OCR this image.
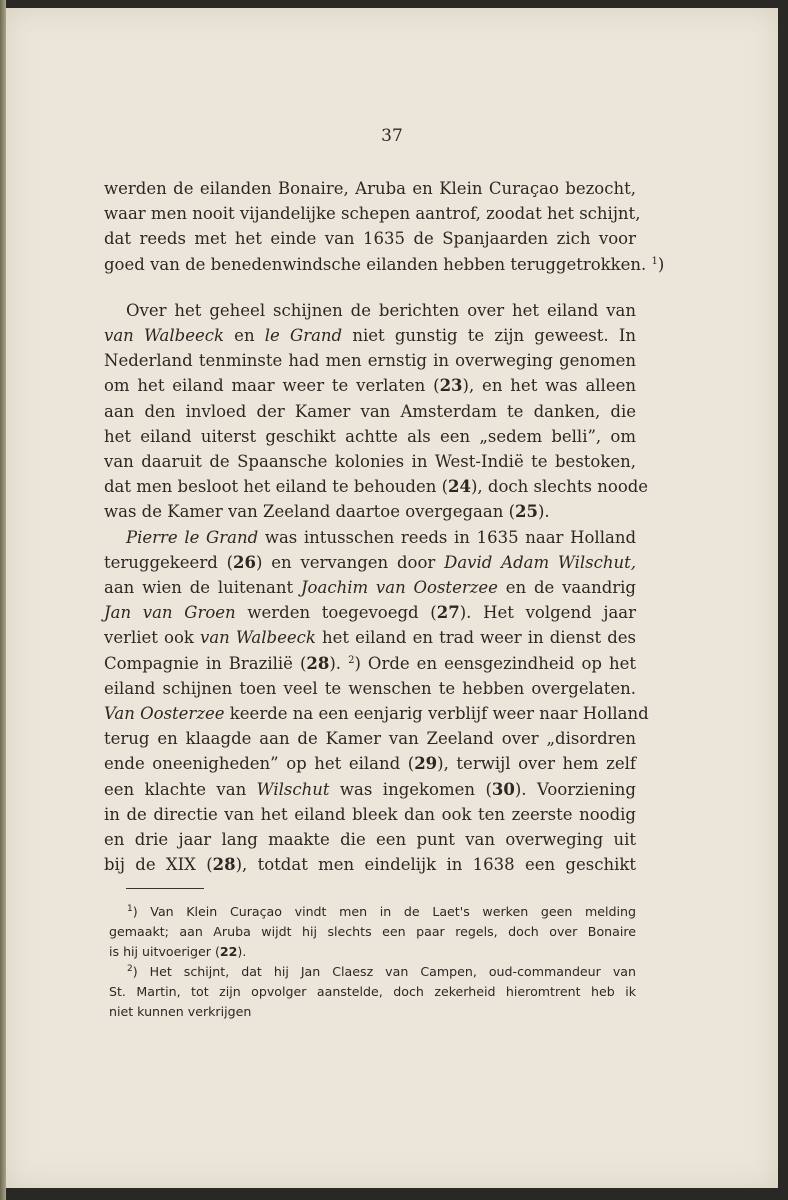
37
werden de eilanden Bonaire, Aruba en Klein Curaçao bezocht,
waar men nooit vijandelijke schepen aantrof, zoodat het schijnt,
dat reeds met het einde van 1635 de Spanjaarden zich voor
goed van de benedenwindsche eilanden hebben teruggetrokken. $^1$)
Over het geheel schijnen de berichten over het eiland van
van Walbeeck en le Grand niet gunstig te zijn geweest. In
Nederland tenminste had men ernstig in overweging genomen
om het eiland maar weer te verlaten (23), en het was alleen
aan den invloed der Kamer van Amsterdam te danken, die
het eiland uiterst geschikt achtte als een „sedem belli”, om
van daaruit de Spaansche kolonies in West-Indië te bestoken,
dat men besloot het eiland te behouden (24), doch slechts noode
was de Kamer van Zeeland daartoe overgegaan (25).
Pierre le Grand was intusschen reeds in 1635 naar Holland
teruggekeerd (26) en vervangen door David Adam Wilschut,
aan wien de luitenant Joachim van Oosterzee en de vaandrig
Jan van Groen werden toegevoegd (27). Het volgend jaar
verliet ook van Walbeeck het eiland en trad weer in dienst des
Compagnie in Brazilië (28). $^2$) Orde en eensgezindheid op het
eiland schijnen toen veel te wenschen te hebben overgelaten.
Van Oosterzee keerde na een eenjarig verblijf weer naar Holland
terug en klaagde aan de Kamer van Zeeland over „disordren
ende oneenigheden” op het eiland (29), terwijl over hem zelf
een klachte van Wilschut was ingekomen (30). Voorziening
in de directie van het eiland bleek dan ook ten zeerste noodig
en drie jaar lang maakte die een punt van overweging uit
bij de XIX (28), totdat men eindelijk in 1638 een geschikt
$^1$) Van Klein Curaçao vindt men in de Laet's werken geen melding
gemaakt; aan Aruba wijdt hij slechts een paar regels, doch over Bonaire
is hij uitvoeriger (22).
$^2$) Het schijnt, dat hij Jan Claesz van Campen, oud-commandeur van
St. Martin, tot zijn opvolger aanstelde, doch zekerheid hieromtrent heb ik
niet kunnen verkrijgen
